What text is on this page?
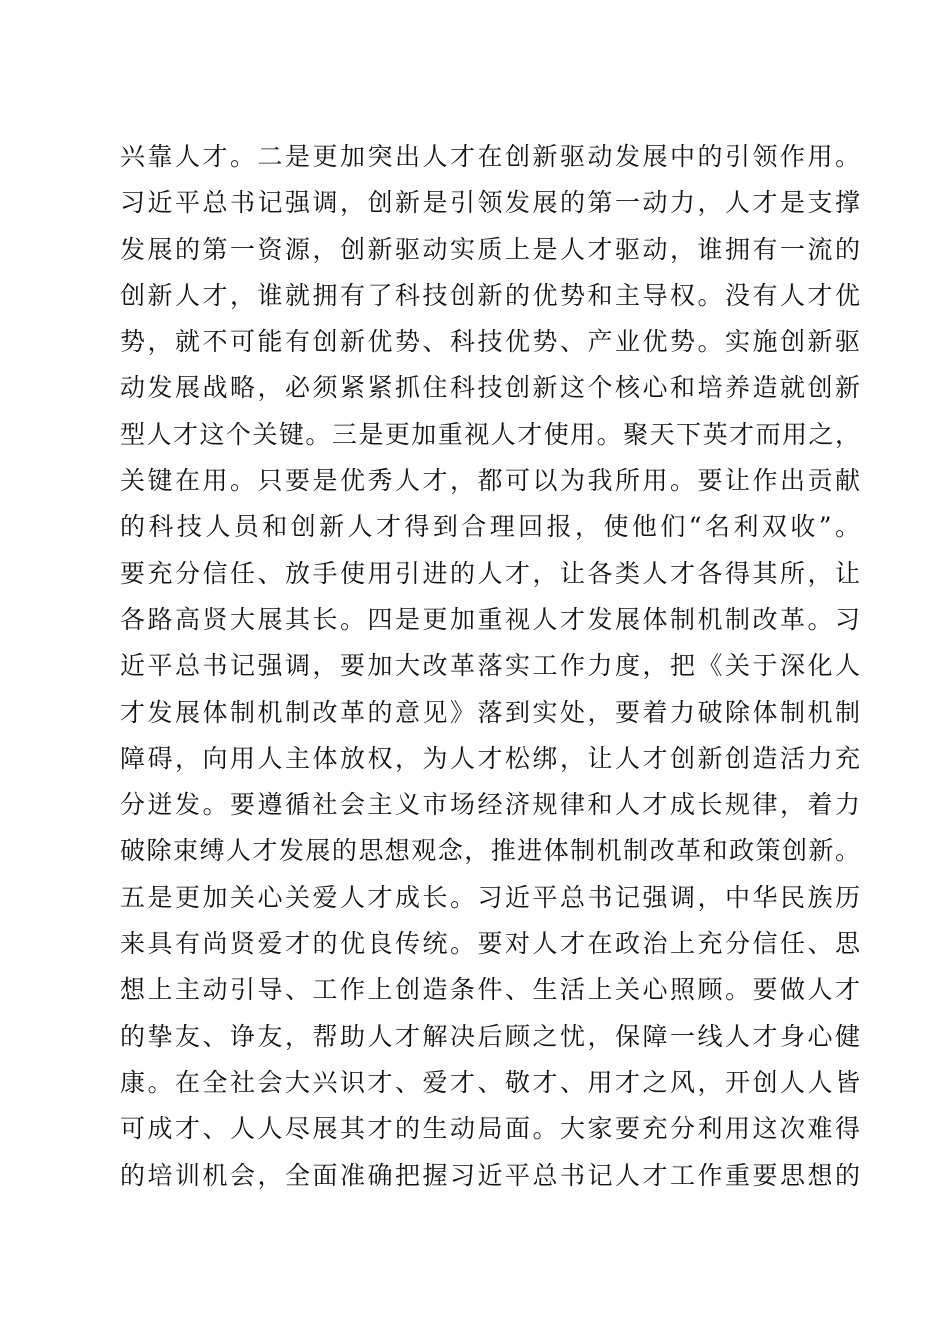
兴靠人才。二是更加突出人才在创新驱动发展中的引领作用。
习近平总书记强调，创新是引领发展的第一动力，人才是支撑
发展的第一资源，创新驱动实质上是人才驱动，谁拥有一流的
创新人才，谁就拥有了科技创新的优势和主导权。没有人才优
势，就不可能有创新优势、科技优势、产业优势。实施创新驱
动发展战略，必须紧紧抓住科技创新这个核心和培养造就创新
型人才这个关键。三是更加重视人才使用。聚天下英才而用之，
关键在用。只要是优秀人才，都可以为我所用。要让作出贡献
的科技人员和创新人才得到合理回报，使他们“名利双收”。
要充分信任、放手使用引进的人才，让各类人才各得其所，让
各路高贤大展其长。四是更加重视人才发展体制机制改革。习
近平总书记强调，要加大改革落实工作力度，把《关于深化人
才发展体制机制改革的意见》落到实处，要着力破除体制机制
障碍，向用人主体放权，为人才松绑，让人才创新创造活力充
分迸发。要遵循社会主义市场经济规律和人才成长规律，着力
破除束缚人才发展的思想观念，推进体制机制改革和政策创新。
五是更加关心关爱人才成长。习近平总书记强调，中华民族历
来具有尚贤爱才的优良传统。要对人才在政治上充分信任、思
想上主动引导、工作上创造条件、生活上关心照顾。要做人才
的挚友、诤友，帮助人才解决后顾之忧，保障一线人才身心健
康。在全社会大兴识才、爱才、敬才、用才之风，开创人人皆
可成才、人人尽展其才的生动局面。大家要充分利用这次难得
的培训机会，全面准确把握习近平总书记人才工作重要思想的
